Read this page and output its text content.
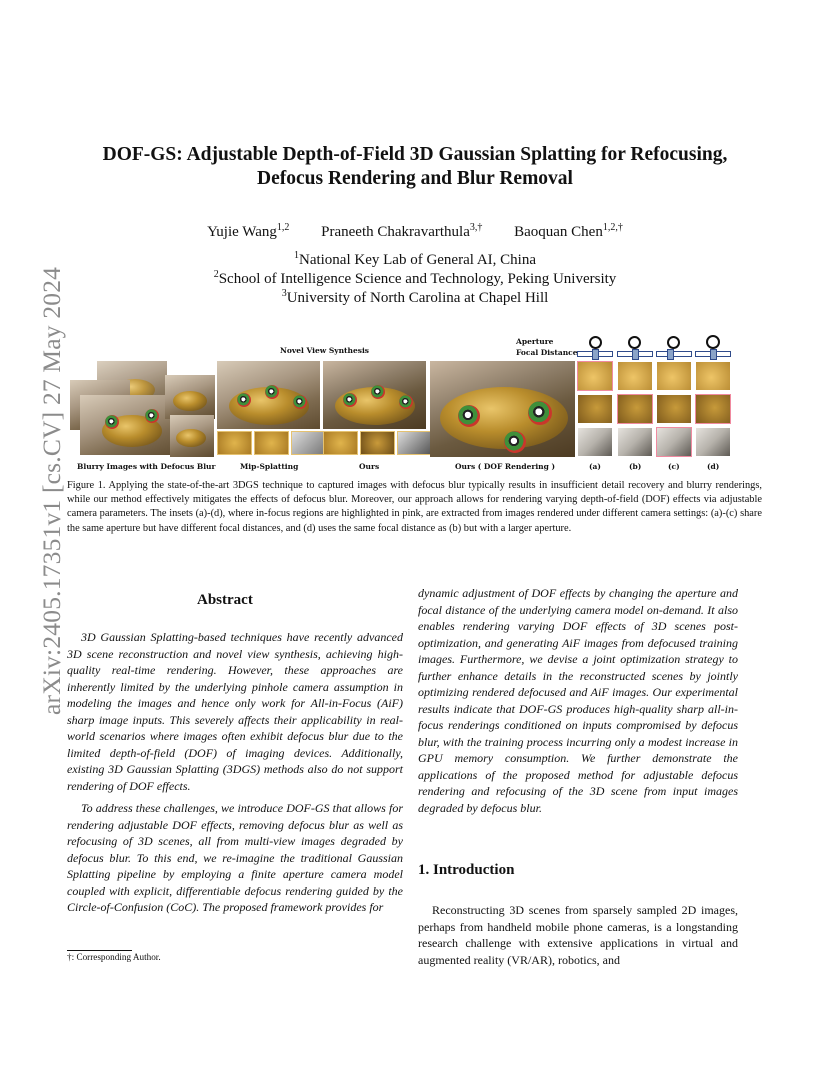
arXiv:2405.17351v1 [cs.CV] 27 May 2024
DOF-GS: Adjustable Depth-of-Field 3D Gaussian Splatting for Refocusing,
Defocus Rendering and Blur Removal
Yujie Wang$^{1,2}$ Praneeth Chakravarthula$^{3,\dagger}$ Baoquan Chen$^{1,2,\dagger}$
$^1$National Key Lab of General AI, China
$^2$School of Intelligence Science and Technology, Peking University
$^3$University of North Carolina at Chapel Hill
Blurry Images with Defocus Blur
Novel View Synthesis
Mip-Splatting	Ours	Ours ( DOF Rendering )
Aperture
Focal Distance
(a)	(b)	(c)	(d)
Figure 1. Applying the state-of-the-art 3DGS technique to captured images with defocus blur typically results in insufficient detail recovery and blurry renderings, while our method effectively mitigates the effects of defocus blur. Moreover, our approach allows for rendering varying depth-of-field (DOF) effects via adjustable camera parameters. The insets (a)-(d), where in-focus regions are highlighted in pink, are extracted from images rendered under different camera settings: (a)-(c) share the same aperture but have different focal distances, and (d) uses the same focal distance as (b) but with a larger aperture.
Abstract

3D Gaussian Splatting-based techniques have recently advanced 3D scene reconstruction and novel view synthesis, achieving high-quality real-time rendering. However, these approaches are inherently limited by the underlying pinhole camera assumption in modeling the images and hence only work for All-in-Focus (AiF) sharp image inputs. This severely affects their applicability in real-world scenarios where images often exhibit defocus blur due to the limited depth-of-field (DOF) of imaging devices. Additionally, existing 3D Gaussian Splatting (3DGS) methods also do not support rendering of DOF effects.

To address these challenges, we introduce DOF-GS that allows for rendering adjustable DOF effects, removing defocus blur as well as refocusing of 3D scenes, all from multi-view images degraded by defocus blur. To this end, we re-imagine the traditional Gaussian Splatting pipeline by employing a finite aperture camera model coupled with explicit, differentiable defocus rendering guided by the Circle-of-Confusion (CoC). The proposed framework provides for

dynamic adjustment of DOF effects by changing the aperture and focal distance of the underlying camera model on-demand. It also enables rendering varying DOF effects of 3D scenes post-optimization, and generating AiF images from defocused training images. Furthermore, we devise a joint optimization strategy to further enhance details in the reconstructed scenes by jointly optimizing rendered defocused and AiF images. Our experimental results indicate that DOF-GS produces high-quality sharp all-in-focus renderings conditioned on inputs compromised by defocus blur, with the training process incurring only a modest increase in GPU memory consumption. We further demonstrate the applications of the proposed method for adjustable defocus rendering and refocusing of the 3D scene from input images degraded by defocus blur.
1. Introduction

Reconstructing 3D scenes from sparsely sampled 2D images, perhaps from handheld mobile phone cameras, is a longstanding research challenge with extensive applications in virtual and augmented reality (VR/AR), robotics, and

†: Corresponding Author.
